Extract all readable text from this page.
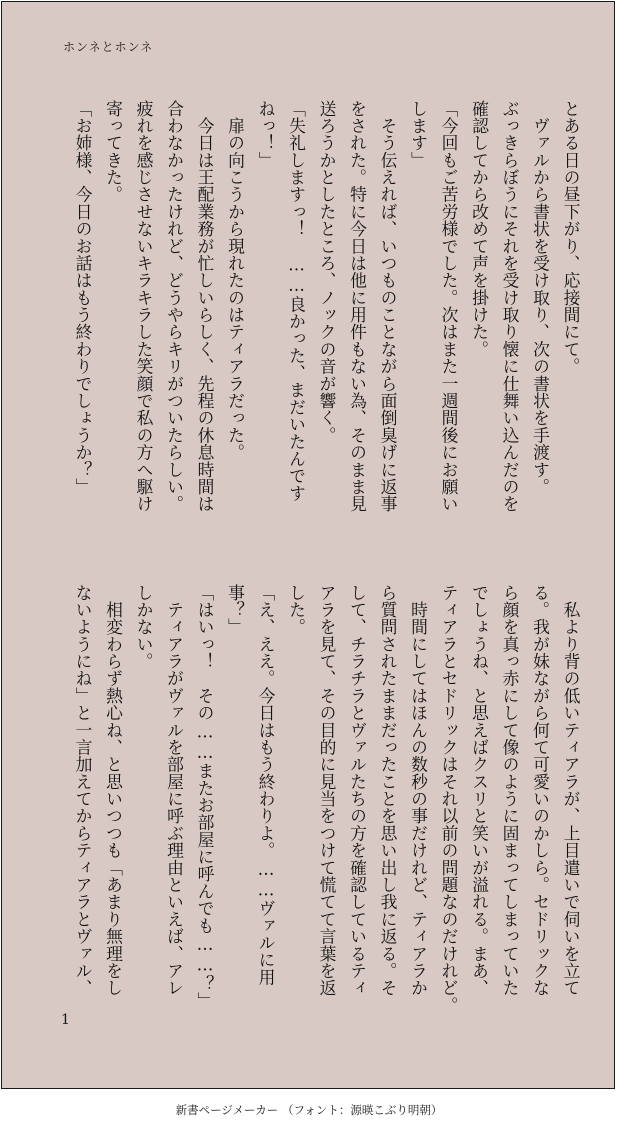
ホンネとホンネ
とある日の昼下がり、応接間にて。
　ヴァルから書状を受け取り、次の書状を手渡す。
ぶっきらぼうにそれを受け取り懐に仕舞い込んだのを
確認してから改めて声を掛けた。
「今回もご苦労様でした。次はまた一週間後にお願い
します」
　そう伝えれば、いつものことながら面倒臭げに返事
をされた。特に今日は他に用件もない為、そのまま見
送ろうかとしたところ、ノックの音が響く。
「失礼しますっ！　……良かった、まだいたんです
ねっ！」
　扉の向こうから現れたのはティアラだった。
　今日は王配業務が忙しいらしく、先程の休息時間は
合わなかったけれど、どうやらキリがついたらしい。
疲れを感じさせないキラキラした笑顔で私の方へ駆け
寄ってきた。
「お姉様、今日のお話はもう終わりでしょうか？」
　私より背の低いティアラが、上目遣いで伺いを立て
る。我が妹ながら何て可愛いのかしら。セドリックな
ら顔を真っ赤にして像のように固まってしまっていた
でしょうね、と思えばクスリと笑いが溢れる。まあ、
ティアラとセドリックはそれ以前の問題なのだけれど。
　時間にしてはほんの数秒の事だけれど、ティアラか
ら質問されたままだったことを思い出し我に返る。そ
して、チラチラとヴァルたちの方を確認しているティ
アラを見て、その目的に見当をつけて慌てて言葉を返
した。
「え、ええ。今日はもう終わりよ。……ヴァルに用
事？」
「はいっ！　その……またお部屋に呼んでも……？」
　ティアラがヴァルを部屋に呼ぶ理由といえば、アレ
しかない。
　相変わらず熱心ね、と思いつつも「あまり無理をし
ないようにね」と一言加えてからティアラとヴァル、
1
新書ページメーカー （フォント：源暎こぶり明朝）
